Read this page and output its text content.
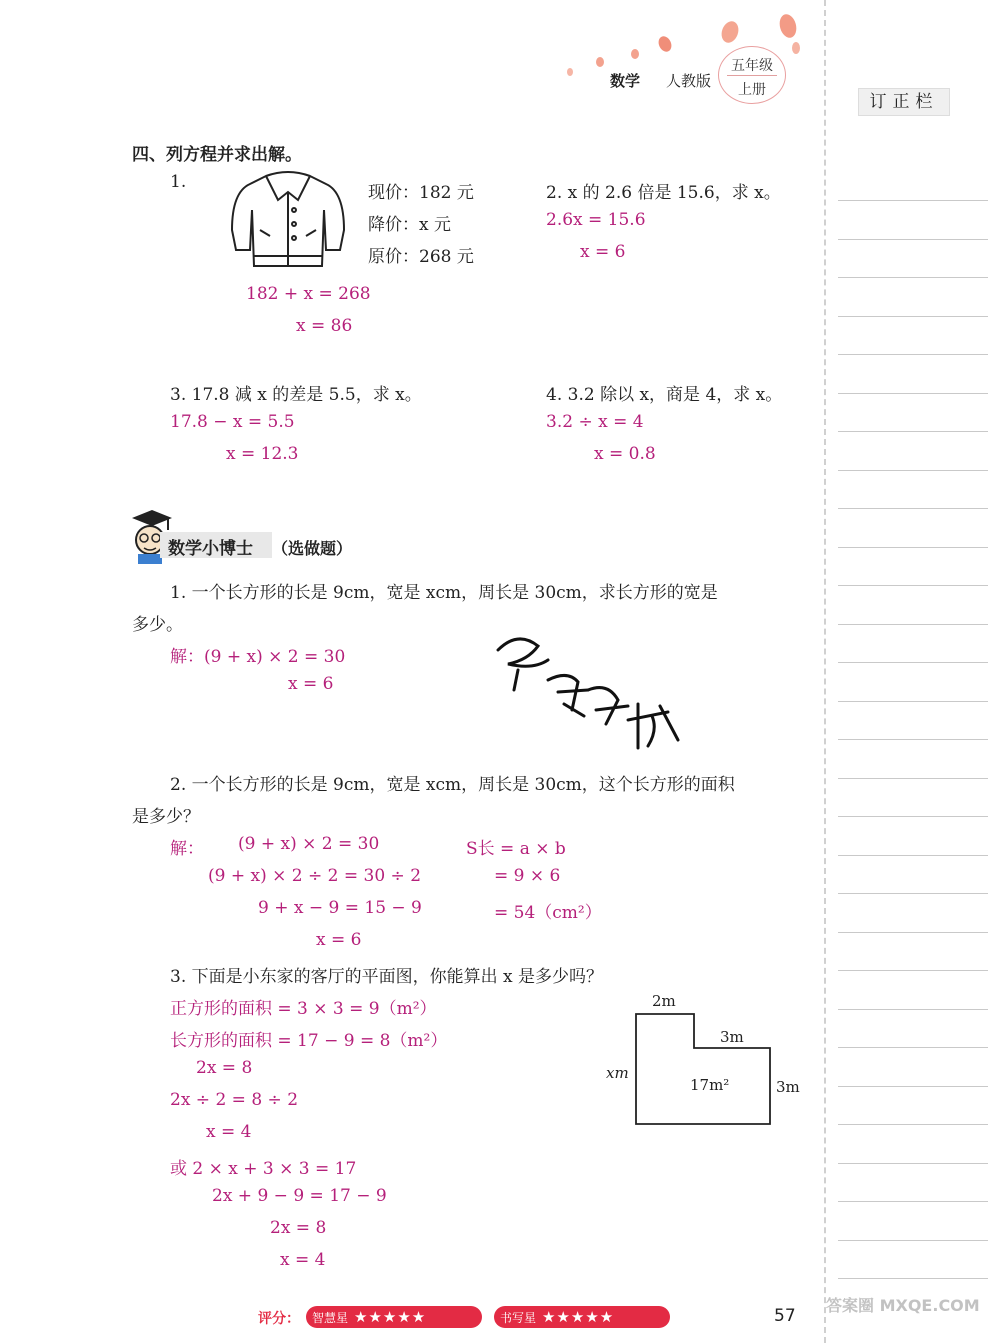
数学 人教版
五年级
上册
订正栏
四、列方程并求出解。
1.
现价：182 元
降价：x 元
原价：268 元
182 + x = 268
x = 86
2. x 的 2.6 倍是 15.6，求 x。
2.6x = 15.6
x = 6
3. 17.8 减 x 的差是 5.5，求 x。
17.8 − x = 5.5
x = 12.3
4. 3.2 除以 x，商是 4，求 x。
3.2 ÷ x = 4
x = 0.8
数学小博士 （选做题）
1. 一个长方形的长是 9cm，宽是 xcm，周长是 30cm，求长方形的宽是
多少。
解：(9 + x) × 2 = 30
x = 6
2. 一个长方形的长是 9cm，宽是 xcm，周长是 30cm，这个长方形的面积
是多少？
解： (9 + x) × 2 = 30
(9 + x) × 2 ÷ 2 = 30 ÷ 2
9 + x − 9 = 15 − 9
x = 6
S长 = a × b
= 9 × 6
= 54（cm²）
3. 下面是小东家的客厅的平面图，你能算出 x 是多少吗？
正方形的面积 = 3 × 3 = 9（m²）
长方形的面积 = 17 − 9 = 8（m²）
2x = 8
2x ÷ 2 = 8 ÷ 2
x = 4
或 2 × x + 3 × 3 = 17
2x + 9 − 9 = 17 − 9
2x = 8
x = 4
2m
3m
xm
17m²	3m
评分： 智慧星 ★★★★★	书写星 ★★★★★	57
答案圈 MXQE.COM
